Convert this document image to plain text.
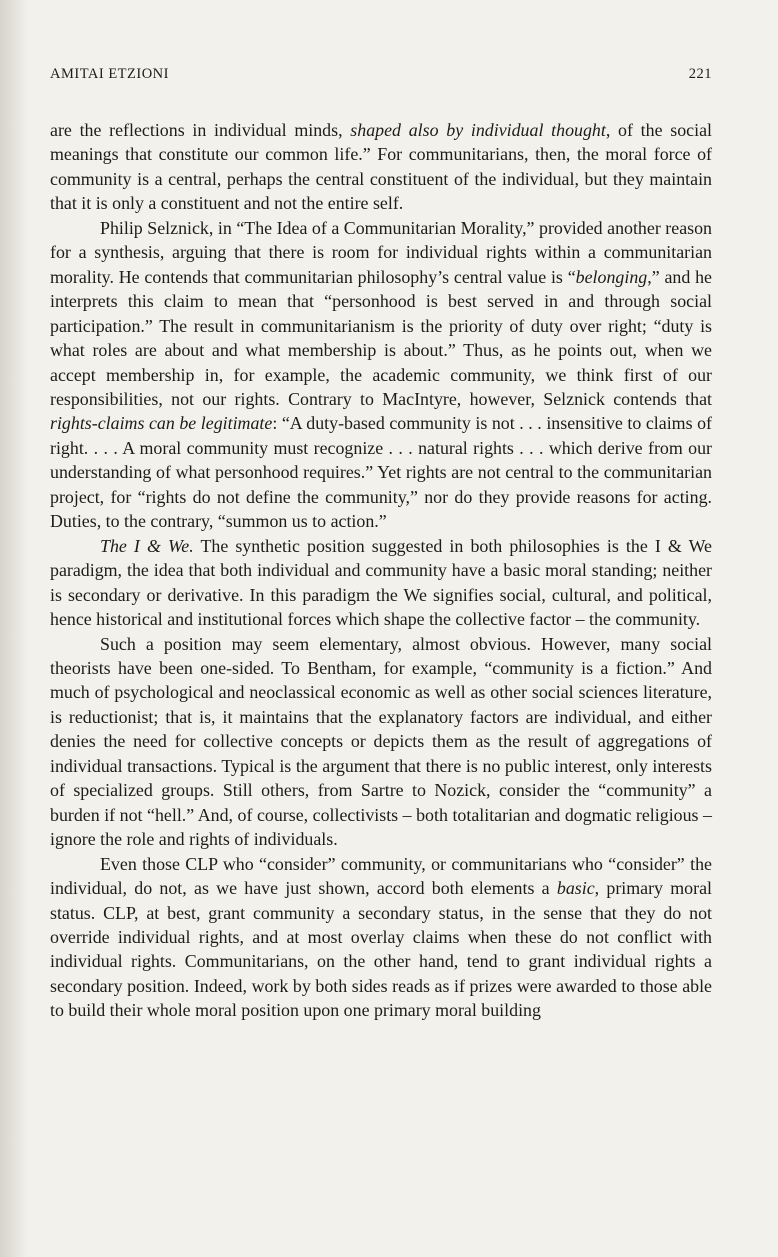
AMITAI ETZIONI	221

are the reflections in individual minds, shaped also by individual thought, of the social meanings that constitute our common life.” For communitarians, then, the moral force of community is a central, perhaps the central constituent of the individual, but they maintain that it is only a constituent and not the entire self.

Philip Selznick, in “The Idea of a Communitarian Morality,” provided another reason for a synthesis, arguing that there is room for individual rights within a communitarian morality. He contends that communitarian philosophy’s central value is “belonging,” and he interprets this claim to mean that “personhood is best served in and through social participation.” The result in communitarianism is the priority of duty over right; “duty is what roles are about and what membership is about.” Thus, as he points out, when we accept membership in, for example, the academic community, we think first of our responsibilities, not our rights. Contrary to MacIntyre, however, Selznick contends that rights-claims can be legitimate: “A duty-based community is not . . . insensitive to claims of right. . . . A moral community must recognize . . . natural rights . . . which derive from our understanding of what personhood requires.” Yet rights are not central to the communitarian project, for “rights do not define the community,” nor do they provide reasons for acting. Duties, to the contrary, “summon us to action.”

The I & We. The synthetic position suggested in both philosophies is the I & We paradigm, the idea that both individual and community have a basic moral standing; neither is secondary or derivative. In this paradigm the We signifies social, cultural, and political, hence historical and institutional forces which shape the collective factor – the community.

Such a position may seem elementary, almost obvious. However, many social theorists have been one-sided. To Bentham, for example, “community is a fiction.” And much of psychological and neoclassical economic as well as other social sciences literature, is reductionist; that is, it maintains that the explanatory factors are individual, and either denies the need for collective concepts or depicts them as the result of aggregations of individual transactions. Typical is the argument that there is no public interest, only interests of specialized groups. Still others, from Sartre to Nozick, consider the “community” a burden if not “hell.” And, of course, collectivists – both totalitarian and dogmatic religious – ignore the role and rights of individuals.

Even those CLP who “consider” community, or communitarians who “consider” the individual, do not, as we have just shown, accord both elements a basic, primary moral status. CLP, at best, grant community a secondary status, in the sense that they do not override individual rights, and at most overlay claims when these do not conflict with individual rights. Communitarians, on the other hand, tend to grant individual rights a secondary position. Indeed, work by both sides reads as if prizes were awarded to those able to build their whole moral position upon one primary moral building
